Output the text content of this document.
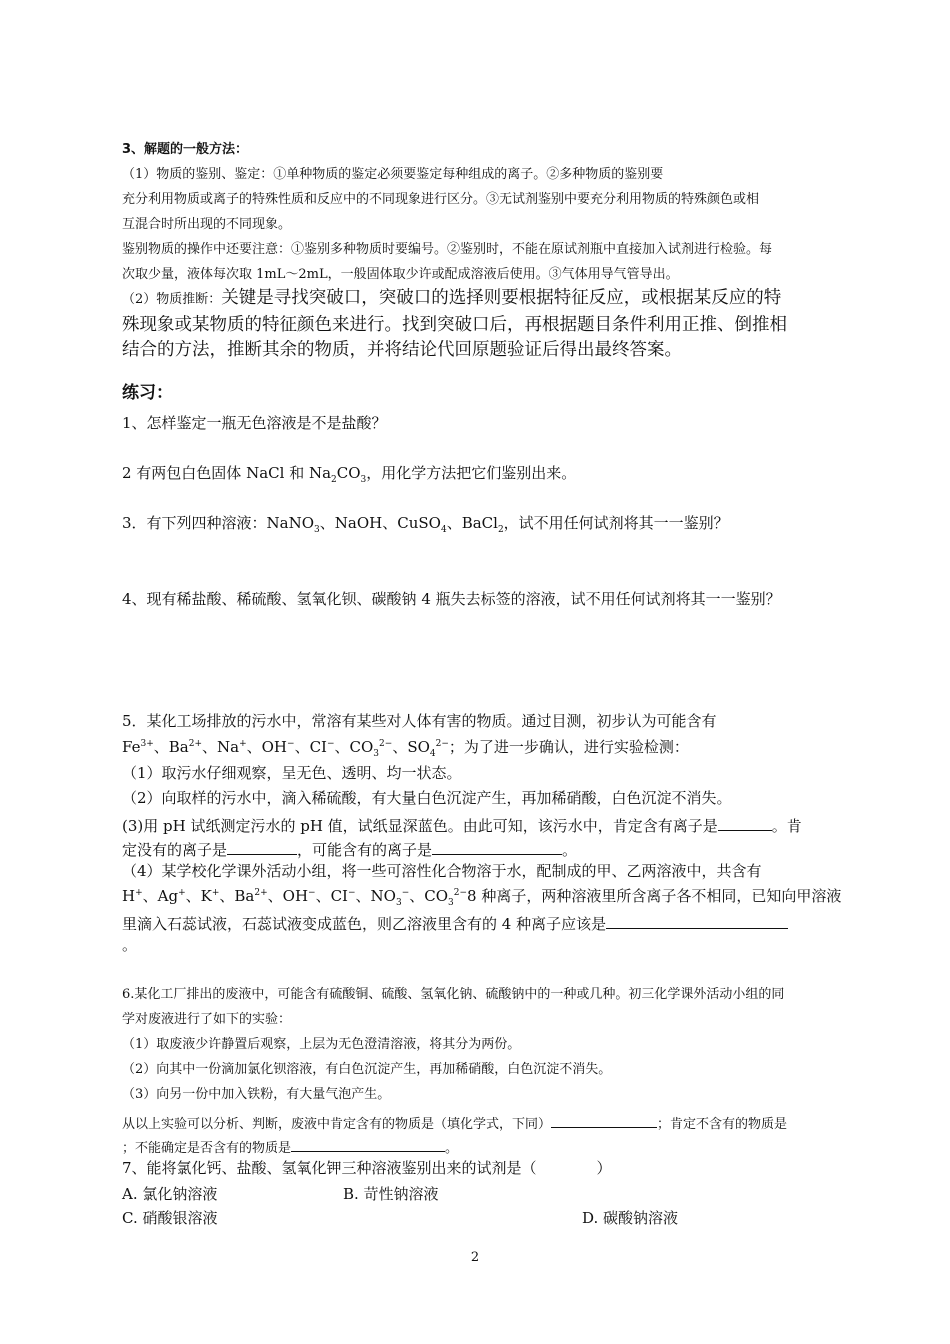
3、解题的一般方法：
（1）物质的鉴别、鉴定：①单种物质的鉴定必须要鉴定每种组成的离子。②多种物质的鉴别要
充分利用物质或离子的特殊性质和反应中的不同现象进行区分。③无试剂鉴别中要充分利用物质的特殊颜色或相
互混合时所出现的不同现象。
鉴别物质的操作中还要注意：①鉴别多种物质时要编号。②鉴别时，不能在原试剂瓶中直接加入试剂进行检验。每
次取少量，液体每次取 1mL～2mL，一般固体取少许或配成溶液后使用。③气体用导气管导出。
（2）物质推断：关键是寻找突破口，突破口的选择则要根据特征反应，或根据某反应的特
殊现象或某物质的特征颜色来进行。找到突破口后，再根据题目条件利用正推、倒推相
结合的方法，推断其余的物质，并将结论代回原题验证后得出最终答案。
练习：
1、怎样鉴定一瓶无色溶液是不是盐酸？
2 有两包白色固体 NaCl 和 $Na_2CO_3$，用化学方法把它们鉴别出来。
3．有下列四种溶液：NaNO$_3$、NaOH、CuSO$_4$、BaCl$_2$，试不用任何试剂将其一一鉴别？
4、现有稀盐酸、稀硫酸、氢氧化钡、碳酸钠 4 瓶失去标签的溶液，试不用任何试剂将其一一鉴别？
5．某化工场排放的污水中，常溶有某些对人体有害的物质。通过目测，初步认为可能含有
$Fe^{3+}$、$Ba^{2+}$、Na+、OH−、CI−、$CO_3^{2-}$、$SO_4^{2-}$；为了进一步确认，进行实验检测：
（1）取污水仔细观察，呈无色、透明、均一状态。
（2）向取样的污水中，滴入稀硫酸，有大量白色沉淀产生，再加稀硝酸，白色沉淀不消失。
(3)用 pH 试纸测定污水的 pH 值，试纸显深蓝色。由此可知，该污水中，肯定含有离子是	。肯
定没有的离子是	，可能含有的离子是	。
（4）某学校化学课外活动小组，将一些可溶性化合物溶于水，配制成的甲、乙两溶液中，共含有
H+、Ag+、K+、$Ba^{2+}$、OH−、CI−、$NO_3^-$、$CO_3^{2-}8$ 种离子，两种溶液里所含离子各不相同，已知向甲溶液
里滴入石蕊试液，石蕊试液变成蓝色，则乙溶液里含有的 4 种离子应该是
。
6.某化工厂排出的废液中，可能含有硫酸铜、硫酸、氢氧化钠、硫酸钠中的一种或几种。初三化学课外活动小组的同
学对废液进行了如下的实验：
（1）取废液少许静置后观察，上层为无色澄清溶液，将其分为两份。
（2）向其中一份滴加氯化钡溶液，有白色沉淀产生，再加稀硝酸，白色沉淀不消失。
（3）向另一份中加入铁粉，有大量气泡产生。
从以上实验可以分析、判断，废液中肯定含有的物质是（填化学式，下同）	；肯定不含有的物质是
；不能确定是否含有的物质是	。
7、能将氯化钙、盐酸、氢氧化钾三种溶液鉴别出来的试剂是（　　　　）
A. 氯化钠溶液	B. 苛性钠溶液
C. 硝酸银溶液	D. 碳酸钠溶液
2
